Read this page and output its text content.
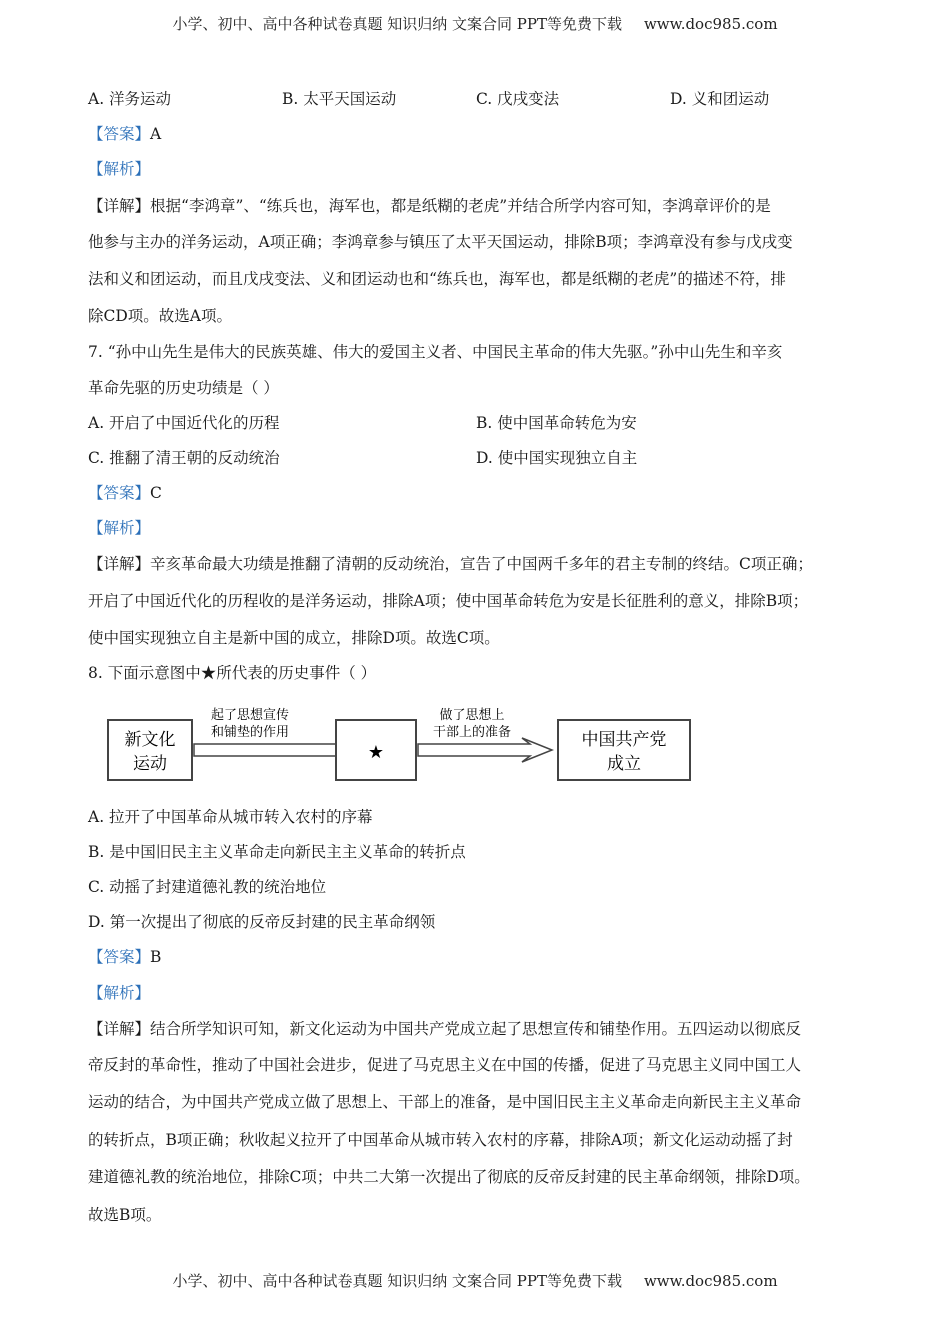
小学、初中、高中各种试卷真题 知识归纳 文案合同 PPT等免费下载 www.doc985.com
A. 洋务运动	B. 太平天国运动	C. 戊戌变法	D. 义和团运动
【答案】A
【解析】
【详解】根据“李鸿章”、“练兵也，海军也，都是纸糊的老虎”并结合所学内容可知，李鸿章评价的是
他参与主办的洋务运动，A项正确；李鸿章参与镇压了太平天国运动，排除B项；李鸿章没有参与戊戌变
法和义和团运动，而且戊戌变法、义和团运动也和“练兵也，海军也，都是纸糊的老虎”的描述不符，排
除CD项。故选A项。
7. “孙中山先生是伟大的民族英雄、伟大的爱国主义者、中国民主革命的伟大先驱。”孙中山先生和辛亥
革命先驱的历史功绩是（ ）
A. 开启了中国近代化的历程	B. 使中国革命转危为安
C. 推翻了清王朝的反动统治	D. 使中国实现独立自主
【答案】C
【解析】
【详解】辛亥革命最大功绩是推翻了清朝的反动统治，宣告了中国两千多年的君主专制的终结。C项正确；
开启了中国近代化的历程收的是洋务运动，排除A项；使中国革命转危为安是长征胜利的意义，排除B项；
使中国实现独立自主是新中国的成立，排除D项。故选C项。
8. 下面示意图中★所代表的历史事件（ ）
新文化
运动
起了思想宣传
和铺垫的作用
★
做了思想上
干部上的准备	中国共产党
成立
A. 拉开了中国革命从城市转入农村的序幕
B. 是中国旧民主主义革命走向新民主主义革命的转折点
C. 动摇了封建道德礼教的统治地位
D. 第一次提出了彻底的反帝反封建的民主革命纲领
【答案】B
【解析】
【详解】结合所学知识可知，新文化运动为中国共产党成立起了思想宣传和铺垫作用。五四运动以彻底反
帝反封的革命性，推动了中国社会进步，促进了马克思主义在中国的传播，促进了马克思主义同中国工人
运动的结合，为中国共产党成立做了思想上、干部上的准备，是中国旧民主主义革命走向新民主主义革命
的转折点，B项正确；秋收起义拉开了中国革命从城市转入农村的序幕，排除A项；新文化运动动摇了封
建道德礼教的统治地位，排除C项；中共二大第一次提出了彻底的反帝反封建的民主革命纲领，排除D项。
故选B项。
小学、初中、高中各种试卷真题 知识归纳 文案合同 PPT等免费下载 www.doc985.com
